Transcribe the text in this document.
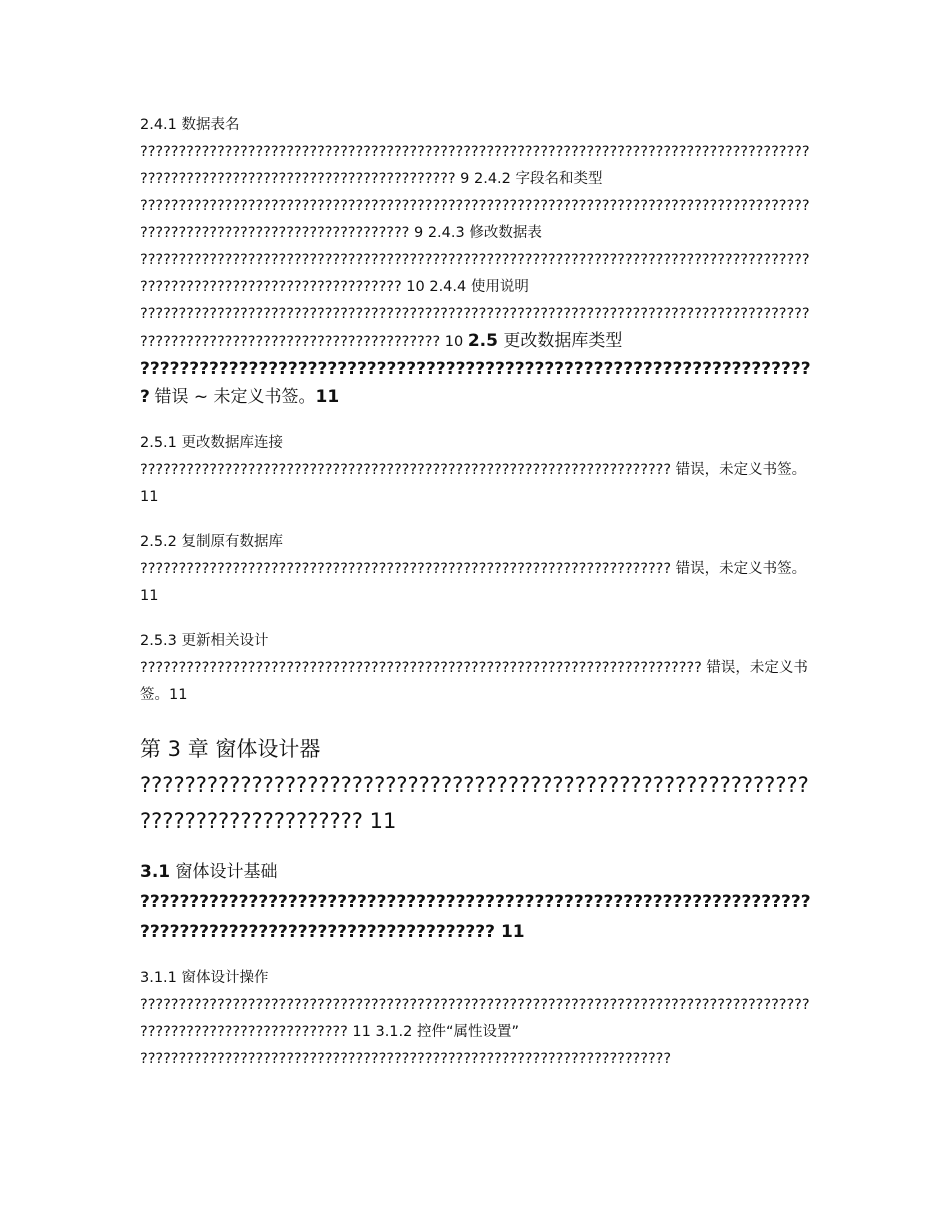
2.4.1 数据表名

???????????????????????????????????????????????????????????????????????????????????????????????????????????????????????????????? 9 2.4.2 字段名和类型 ?????????????????????????????????????????????????????????????????????????????????????????????????????????????????????????? 9 2.4.3 修改数据表 ????????????????????????????????????????????????????????????????????????????????????????????????????????????????????????? 10 2.4.4 使用说明 ?????????????????????????????????????????????????????????????????????????????????????????????????????????????????????????????? 10 2.5 更改数据库类型 ????????????????????????????????????????????????????????????????????? 错误 ~ 未定义书签。11

2.5.1 更改数据库连接

????????????????????????????????????????????????????????????????????? 错误，未定义书签。11

2.5.2 复制原有数据库

????????????????????????????????????????????????????????????????????? 错误，未定义书签。11

2.5.3 更新相关设计

????????????????????????????????????????????????????????????????????????? 错误，未定义书签。11

第 3 章 窗体设计器

???????????????????????????????????????????????????????????????????????????????? 11

3.1 窗体设计基础

???????????????????????????????????????????????????????????????????????????????????????????????????????? 11

3.1.1 窗体设计操作

?????????????????????????????????????????????????????????????????????????????????????????????????????????????????? 11 3.1.2 控件“属性设置” ?????????????????????????????????????????????????????????????????????
